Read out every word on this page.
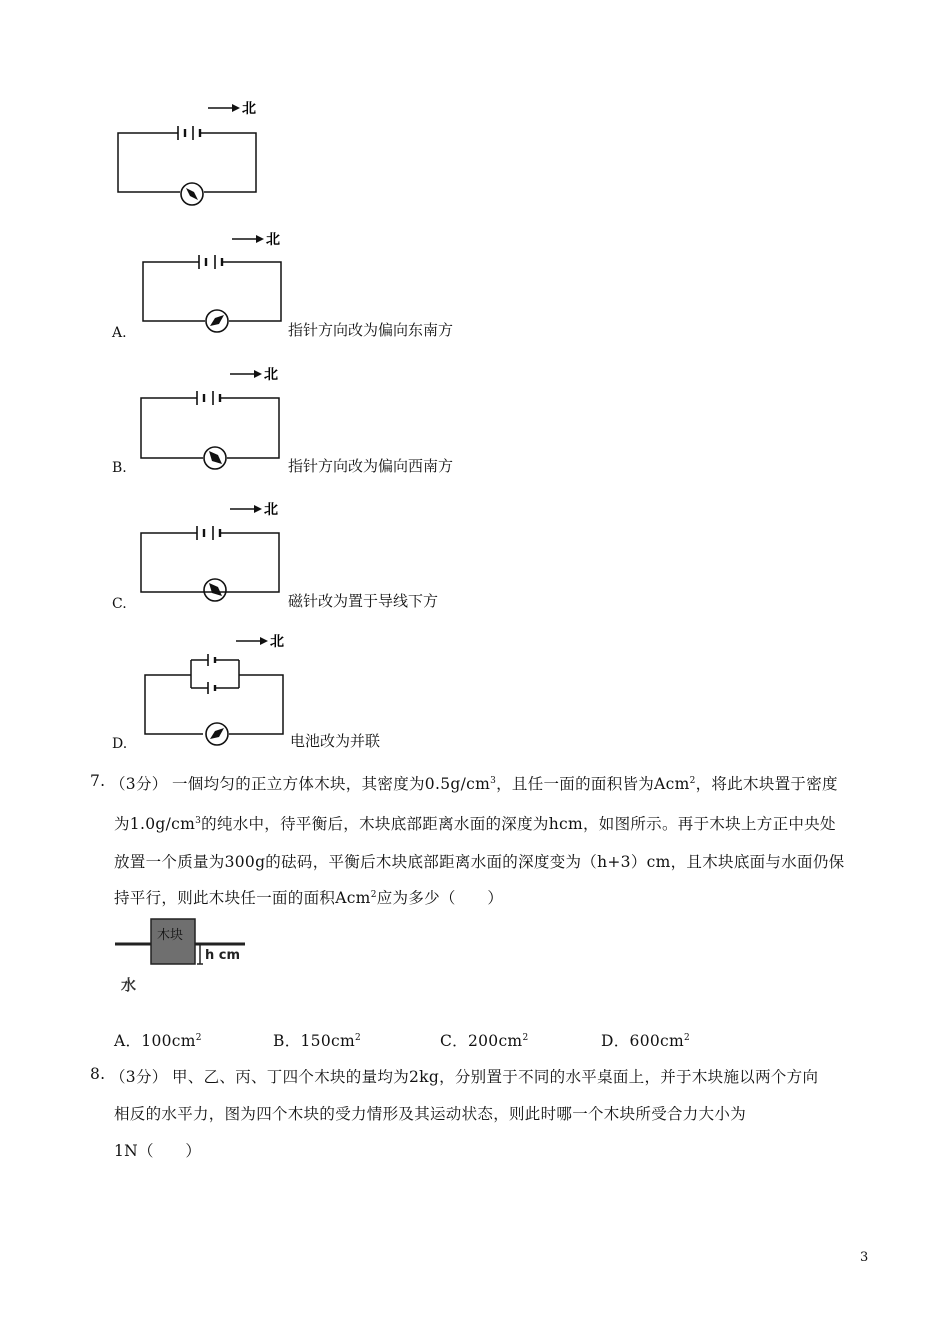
北
A.
北
指针方向改为偏向东南方
B.
北
指针方向改为偏向西南方
C.
北
磁针改为置于导线下方
D.
北
电池改为并联
7. （3分） 一個均匀的正立方体木块，其密度为$0.5g/cm^3$，且任一面的面积皆为Acm$^2$，将此木块置于密度
为$1.0g/cm^3$的纯水中，待平衡后，木块底部距离水面的深度为hcm，如图所示。再于木块上方正中央处
放置一个质量为300g的砝码，平衡后木块底部距离水面的深度变为（h+3）cm，且木块底面与水面仍保
持平行，则此木块任一面的面积Acm$^2$应为多少（　　）
木块
h cm
水
A．$100cm^2$	B．$150cm^2$	C．$200cm^2$	D．$600cm^2$
8. （3分） 甲、乙、丙、丁四个木块的量均为2kg，分别置于不同的水平桌面上，并于木块施以两个方向
相反的水平力，图为四个木块的受力情形及其运动状态，则此时哪一个木块所受合力大小为
1N（　　）
3
